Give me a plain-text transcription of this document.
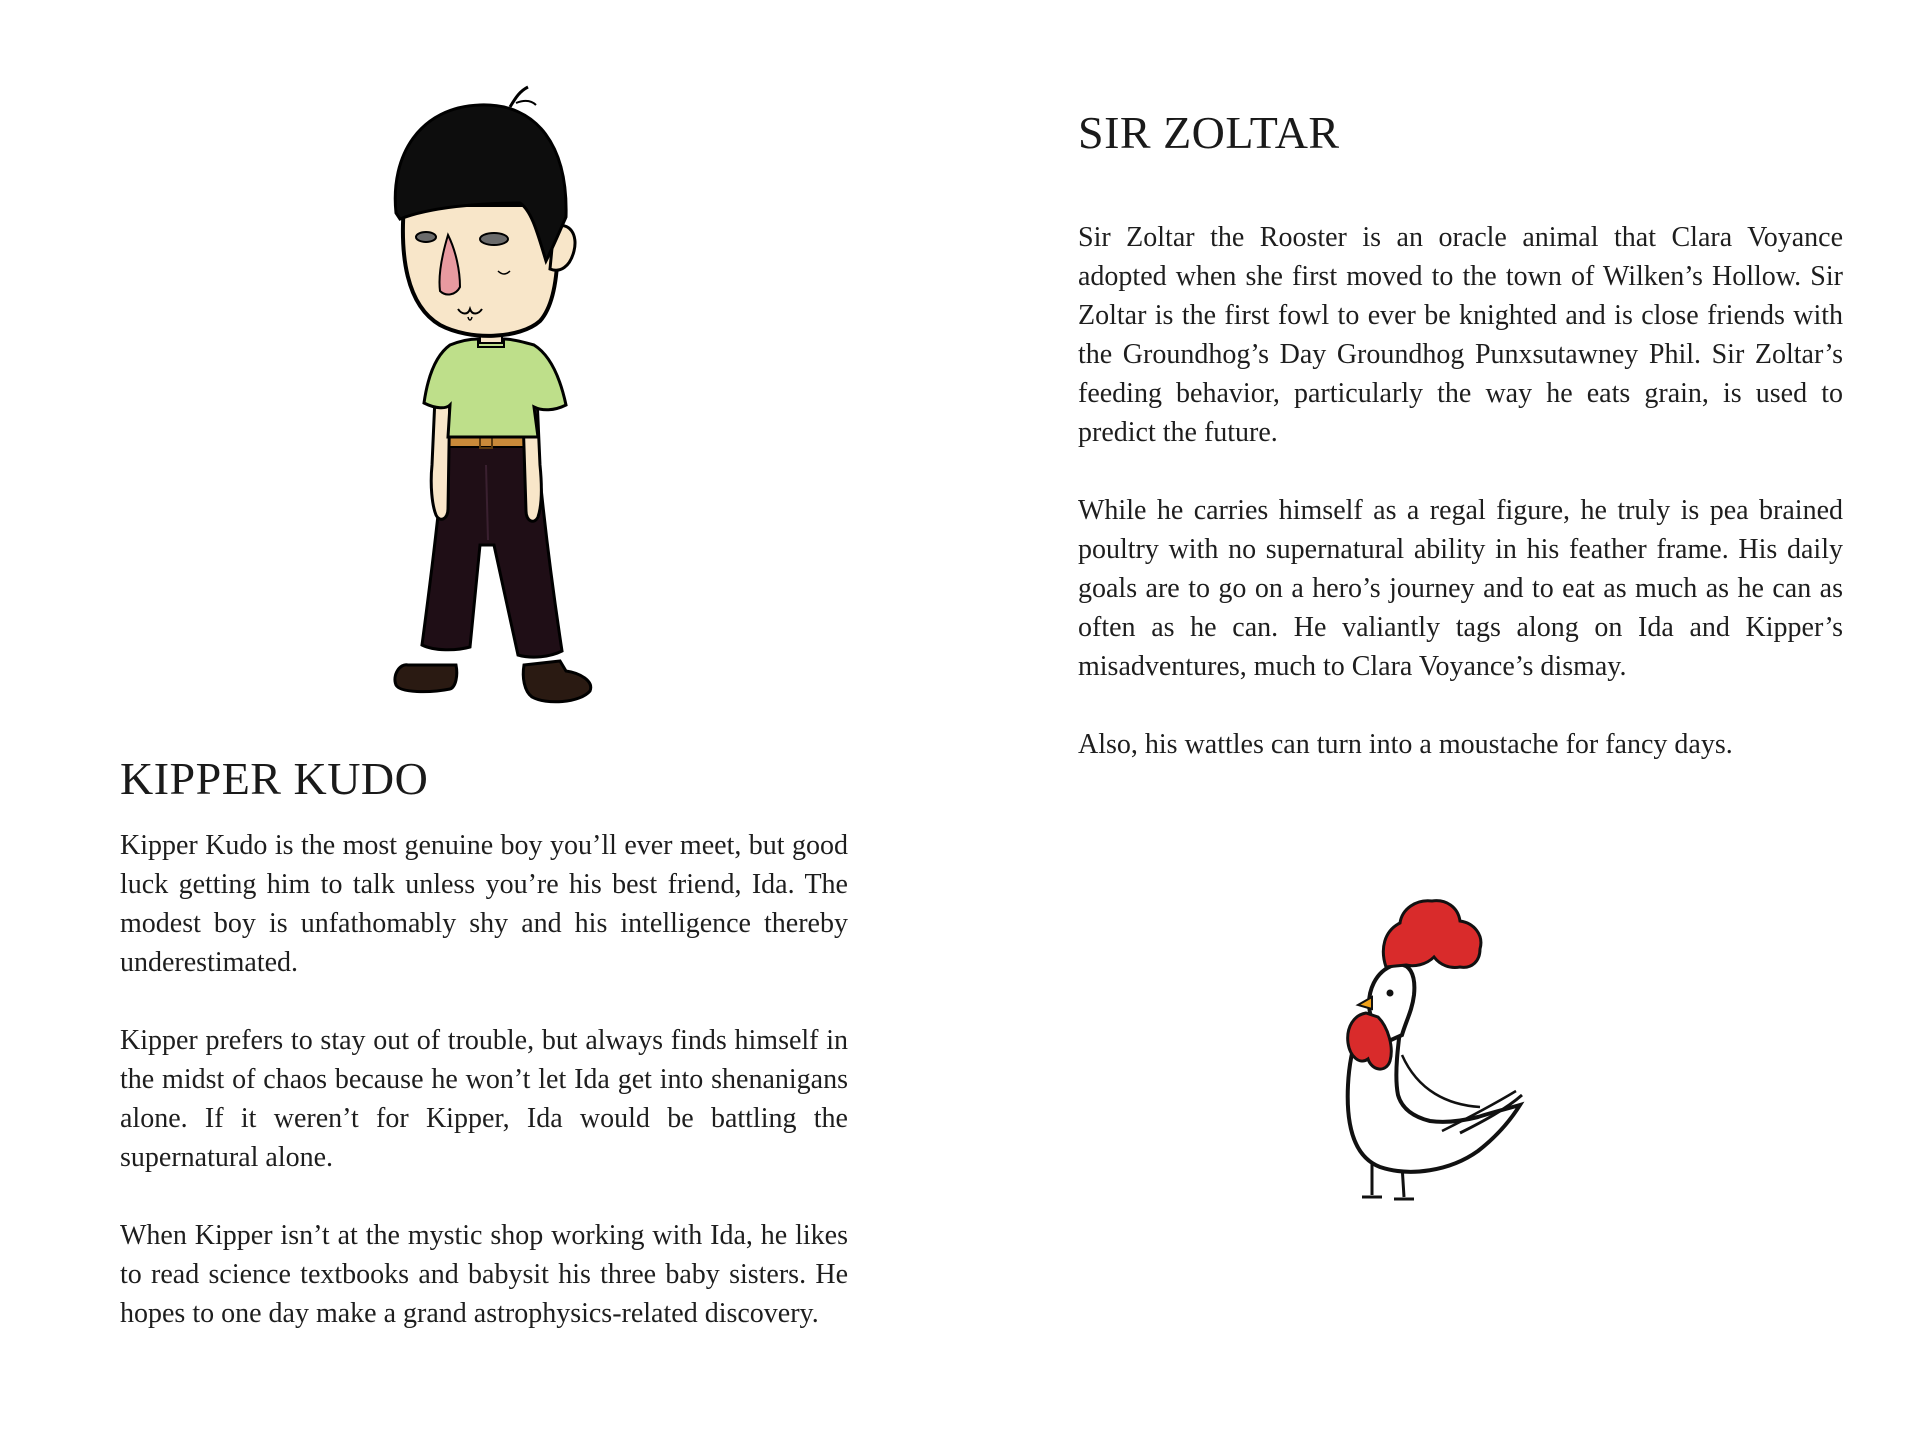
KIPPER KUDO

Kipper Kudo is the most genuine boy you’ll ever meet, but good luck getting him to talk unless you’re his best friend, Ida. The modest boy is unfathomably shy and his intelligence thereby underestimated.

Kipper prefers to stay out of trouble, but always finds himself in the midst of chaos because he won’t let Ida get into shenanigans alone. If it weren’t for Kipper, Ida would be battling the supernatural alone.

When Kipper isn’t at the mystic shop working with Ida, he likes to read science textbooks and babysit his three baby sisters. He hopes to one day make a grand astrophysics-related discovery.

SIR ZOLTAR

Sir Zoltar the Rooster is an oracle animal that Clara Voyance adopted when she first moved to the town of Wilken’s Hollow. Sir Zoltar is the first fowl to ever be knighted and is close friends with the Groundhog’s Day Groundhog Punxsutawney Phil. Sir Zoltar’s feeding behavior, particularly the way he eats grain, is used to predict the future.

While he carries himself as a regal figure, he truly is pea brained poultry with no supernatural ability in his feather frame. His daily goals are to go on a hero’s journey and to eat as much as he can as often as he can. He valiantly tags along on Ida and Kipper’s misadventures, much to Clara Voyance’s dismay.

Also, his wattles can turn into a moustache for fancy days.
